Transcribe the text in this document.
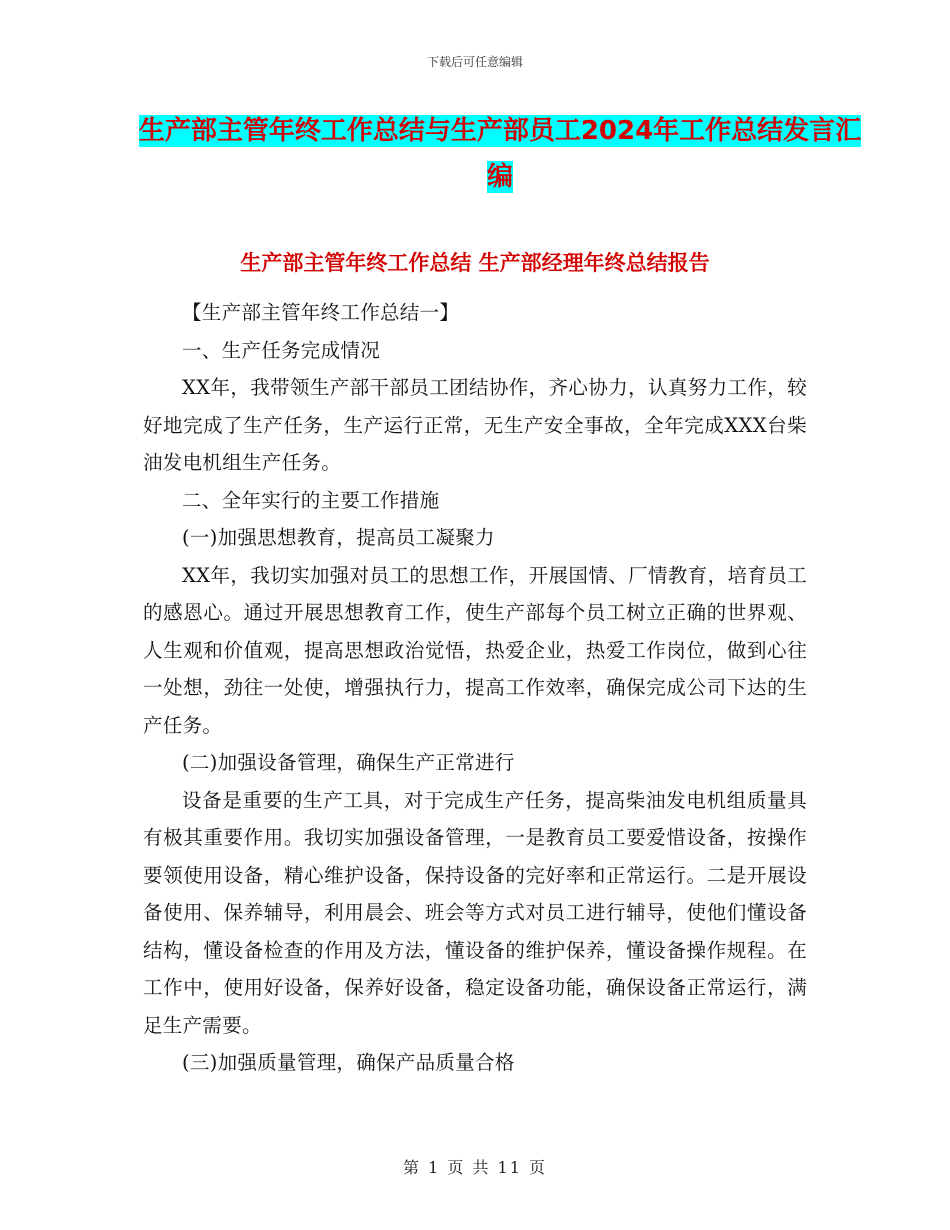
下载后可任意编辑
生产部主管年终工作总结与生产部员工2024年工作总结发言汇编
生产部主管年终工作总结 生产部经理年终总结报告

【生产部主管年终工作总结一】

一、生产任务完成情况

XX年，我带领生产部干部员工团结协作，齐心协力，认真努力工作，较好地完成了生产任务，生产运行正常，无生产安全事故，全年完成XXX台柴油发电机组生产任务。

二、全年实行的主要工作措施

(一)加强思想教育，提高员工凝聚力

XX年，我切实加强对员工的思想工作，开展国情、厂情教育，培育员工的感恩心。通过开展思想教育工作，使生产部每个员工树立正确的世界观、人生观和价值观，提高思想政治觉悟，热爱企业，热爱工作岗位，做到心往一处想，劲往一处使，增强执行力，提高工作效率，确保完成公司下达的生产任务。

(二)加强设备管理，确保生产正常进行

设备是重要的生产工具，对于完成生产任务，提高柴油发电机组质量具有极其重要作用。我切实加强设备管理，一是教育员工要爱惜设备，按操作要领使用设备，精心维护设备，保持设备的完好率和正常运行。二是开展设备使用、保养辅导，利用晨会、班会等方式对员工进行辅导，使他们懂设备结构，懂设备检查的作用及方法，懂设备的维护保养，懂设备操作规程。在工作中，使用好设备，保养好设备，稳定设备功能，确保设备正常运行，满足生产需要。

(三)加强质量管理，确保产品质量合格

第 1 页 共 11 页
